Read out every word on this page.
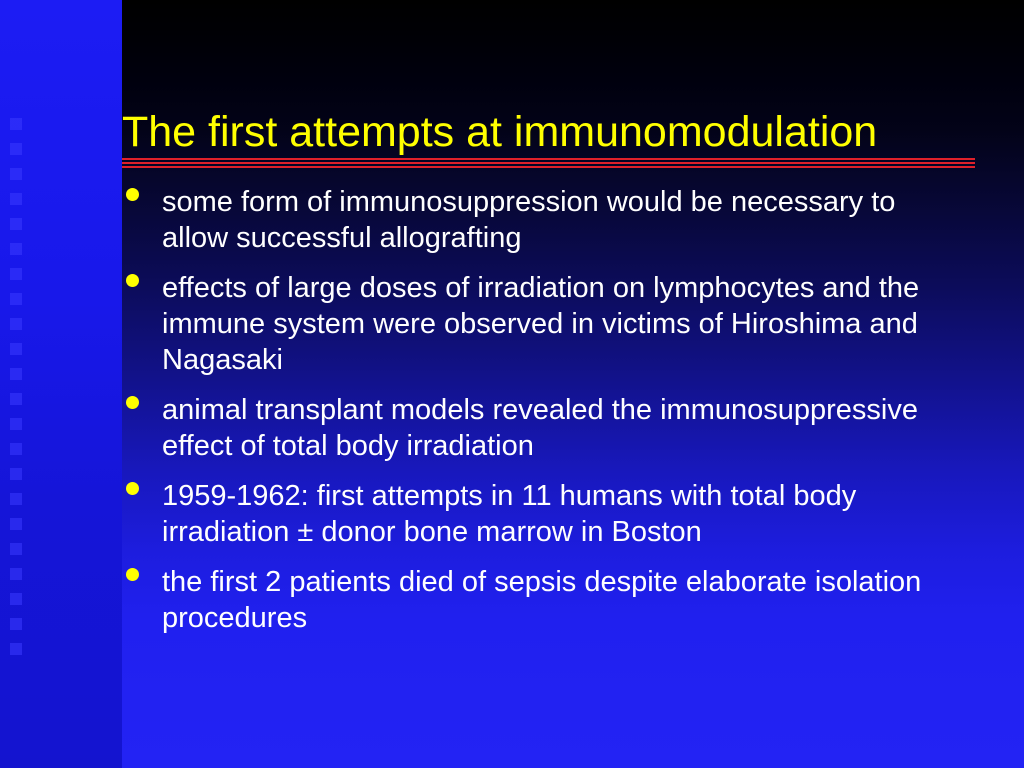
The first attempts at immunomodulation
some form of immunosuppression would be necessary to allow successful allografting
effects of large doses of irradiation on lymphocytes and the immune system were observed in victims of Hiroshima and Nagasaki
animal transplant models revealed the immunosuppressive effect of total body irradiation
1959-1962: first attempts in 11 humans with total body irradiation ± donor bone marrow in Boston
the first 2 patients died of sepsis despite elaborate isolation procedures
